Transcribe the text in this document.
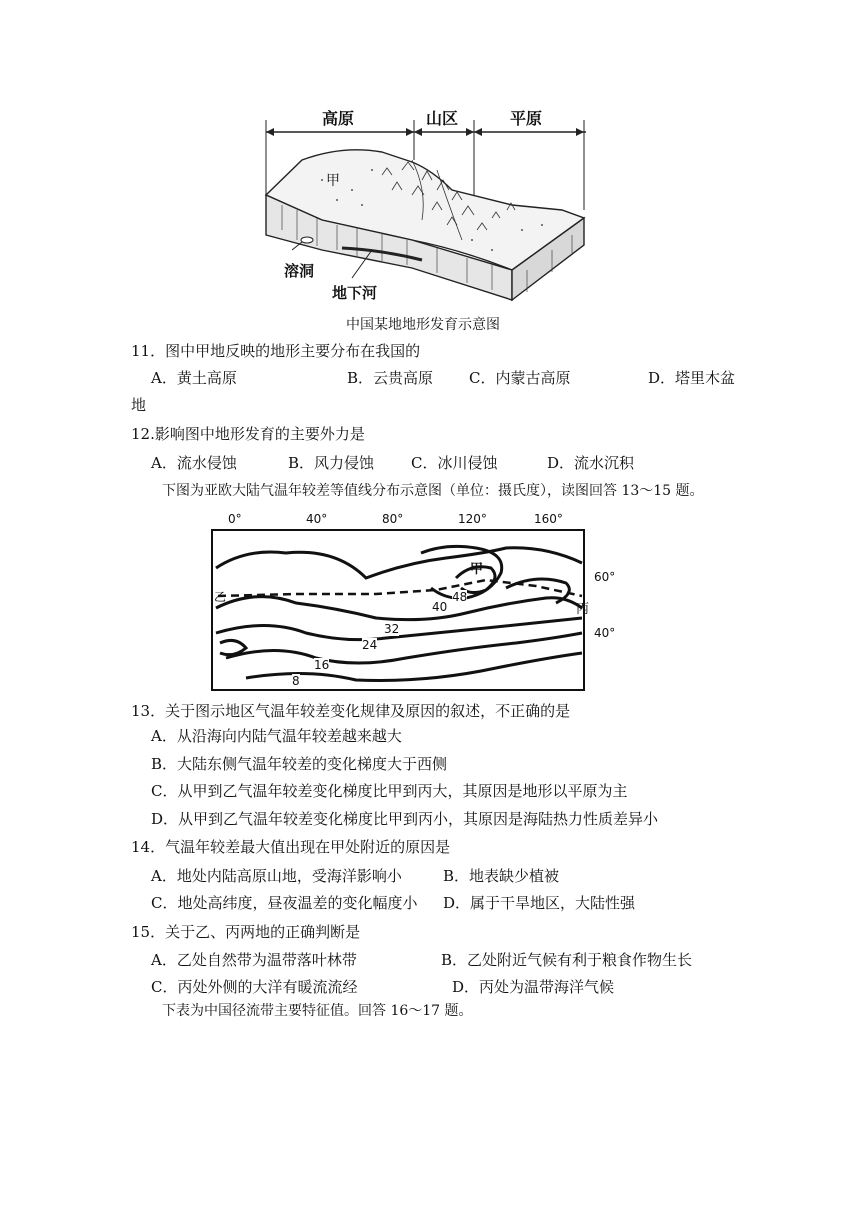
高原	山区	平原
甲
溶洞
地下河
中国某地地形发育示意图
11．图中甲地反映的地形主要分布在我国的
A．黄土高原	B．云贵高原 C．内蒙古高原	D．塔里木盆
地
12.影响图中地形发育的主要外力是
A．流水侵蚀	B．风力侵蚀 C．冰川侵蚀	D．流水沉积
下图为亚欧大陆气温年较差等值线分布示意图（单位：摄氏度），读图回答 13～15 题。
0°	40°	80°	120°	160°
60°
40°
甲
乙
丙
48
40
32
24
16
8
13．关于图示地区气温年较差变化规律及原因的叙述，不正确的是
A．从沿海向内陆气温年较差越来越大
B．大陆东侧气温年较差的变化梯度大于西侧
C．从甲到乙气温年较差变化梯度比甲到丙大，其原因是地形以平原为主
D．从甲到乙气温年较差变化梯度比甲到丙小，其原因是海陆热力性质差异小
14．气温年较差最大值出现在甲处附近的原因是
A．地处内陆高原山地，受海洋影响小	B．地表缺少植被
C．地处高纬度，昼夜温差的变化幅度小 D．属于干旱地区，大陆性强
15．关于乙、丙两地的正确判断是
A．乙处自然带为温带落叶林带	B．乙处附近气候有利于粮食作物生长
C．丙处外侧的大洋有暖流流经	D．丙处为温带海洋气候
下表为中国径流带主要特征值。回答 16～17 题。
